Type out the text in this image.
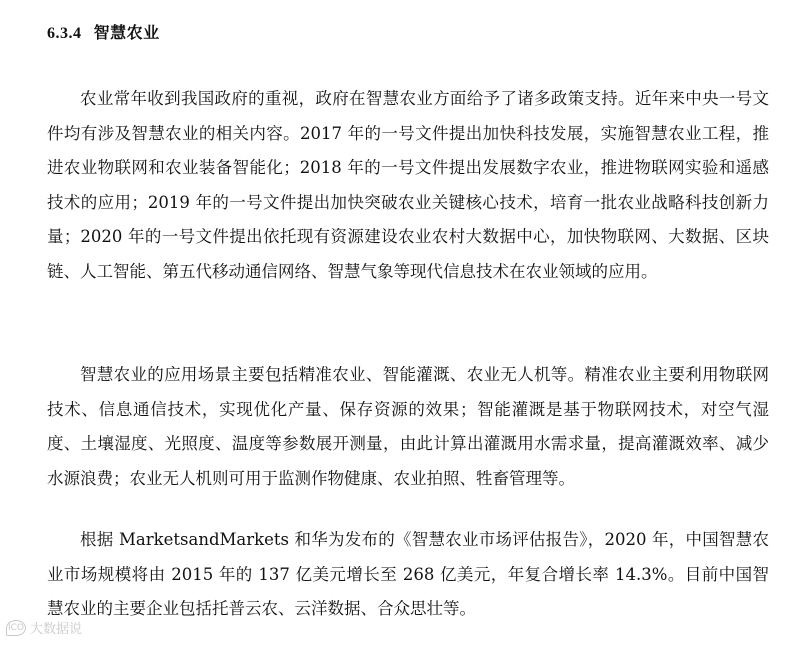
6.3.4 智慧农业

农业常年收到我国政府的重视，政府在智慧农业方面给予了诸多政策支持。近年来中央一号文件均有涉及智慧农业的相关内容。2017 年的一号文件提出加快科技发展，实施智慧农业工程，推进农业物联网和农业装备智能化；2018 年的一号文件提出发展数字农业，推进物联网实验和遥感技术的应用；2019 年的一号文件提出加快突破农业关键核心技术，培育一批农业战略科技创新力量；2020 年的一号文件提出依托现有资源建设农业农村大数据中心，加快物联网、大数据、区块链、人工智能、第五代移动通信网络、智慧气象等现代信息技术在农业领域的应用。

智慧农业的应用场景主要包括精准农业、智能灌溉、农业无人机等。精准农业主要利用物联网技术、信息通信技术，实现优化产量、保存资源的效果；智能灌溉是基于物联网技术，对空气湿度、土壤湿度、光照度、温度等参数展开测量，由此计算出灌溉用水需求量，提高灌溉效率、减少水源浪费；农业无人机则可用于监测作物健康、农业拍照、牲畜管理等。

根据 MarketsandMarkets 和华为发布的《智慧农业市场评估报告》，2020 年，中国智慧农业市场规模将由 2015 年的 137 亿美元增长至 268 亿美元，年复合增长率 14.3%。目前中国智慧农业的主要企业包括托普云农、云洋数据、合众思壮等。

ICO 大数据说
